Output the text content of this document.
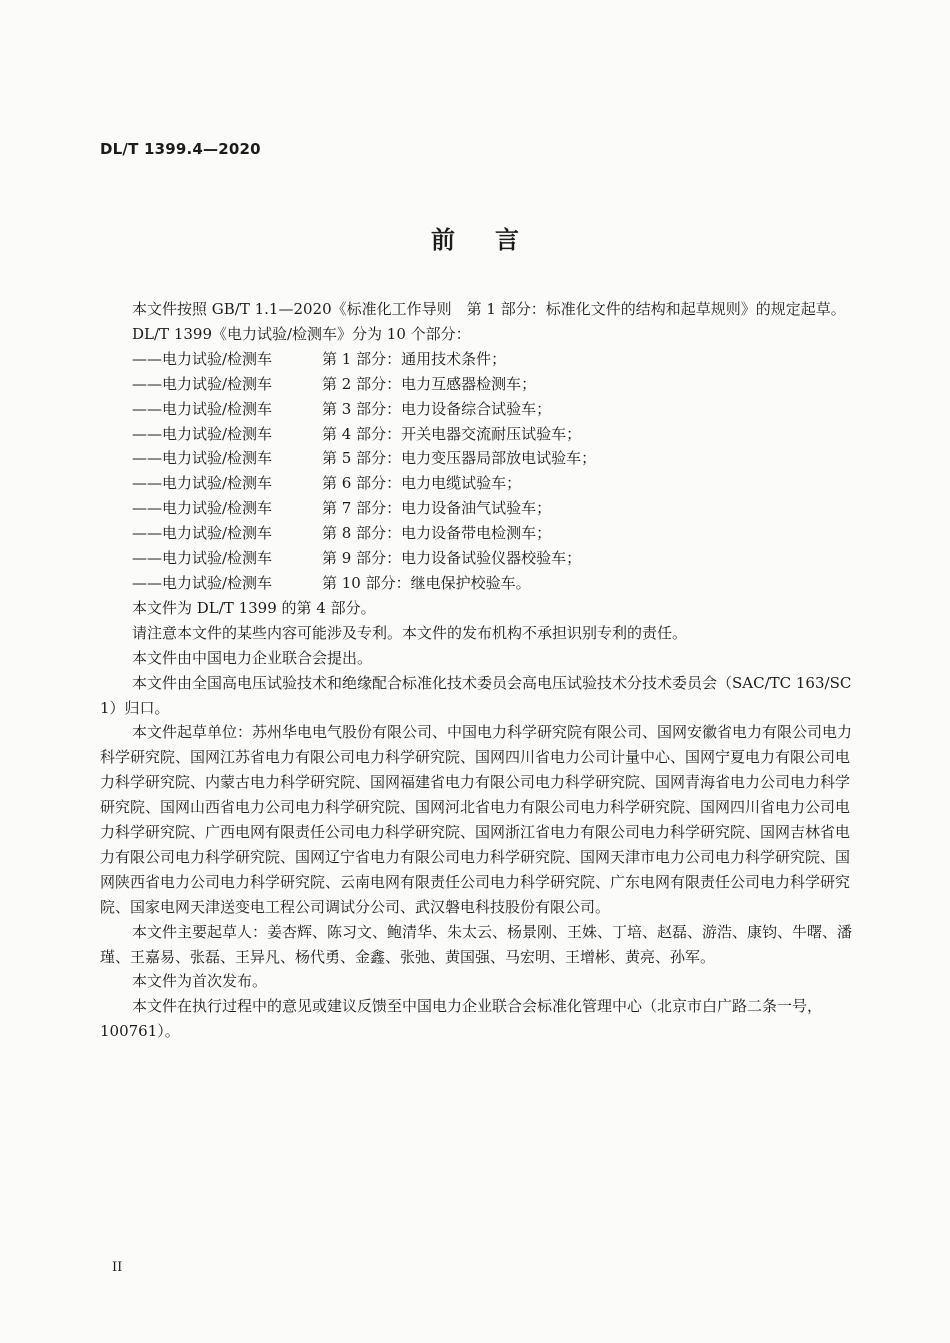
DL/T 1399.4—2020
前言

本文件按照 GB/T 1.1—2020《标准化工作导则　第 1 部分：标准化文件的结构和起草规则》的规定起草。

DL/T 1399《电力试验/检测车》分为 10 个部分：

——电力试验/检测车	第 1 部分：通用技术条件；
——电力试验/检测车	第 2 部分：电力互感器检测车；
——电力试验/检测车	第 3 部分：电力设备综合试验车；
——电力试验/检测车	第 4 部分：开关电器交流耐压试验车；
——电力试验/检测车	第 5 部分：电力变压器局部放电试验车；
——电力试验/检测车	第 6 部分：电力电缆试验车；
——电力试验/检测车	第 7 部分：电力设备油气试验车；
——电力试验/检测车	第 8 部分：电力设备带电检测车；
——电力试验/检测车	第 9 部分：电力设备试验仪器校验车；
——电力试验/检测车	第 10 部分：继电保护校验车。

本文件为 DL/T 1399 的第 4 部分。

请注意本文件的某些内容可能涉及专利。本文件的发布机构不承担识别专利的责任。

本文件由中国电力企业联合会提出。

本文件由全国高电压试验技术和绝缘配合标准化技术委员会高电压试验技术分技术委员会（SAC/TC 163/SC 1）归口。

本文件起草单位：苏州华电电气股份有限公司、中国电力科学研究院有限公司、国网安徽省电力有限公司电力科学研究院、国网江苏省电力有限公司电力科学研究院、国网四川省电力公司计量中心、国网宁夏电力有限公司电力科学研究院、内蒙古电力科学研究院、国网福建省电力有限公司电力科学研究院、国网青海省电力公司电力科学研究院、国网山西省电力公司电力科学研究院、国网河北省电力有限公司电力科学研究院、国网四川省电力公司电力科学研究院、广西电网有限责任公司电力科学研究院、国网浙江省电力有限公司电力科学研究院、国网吉林省电力有限公司电力科学研究院、国网辽宁省电力有限公司电力科学研究院、国网天津市电力公司电力科学研究院、国网陕西省电力公司电力科学研究院、云南电网有限责任公司电力科学研究院、广东电网有限责任公司电力科学研究院、国家电网天津送变电工程公司调试分公司、武汉磐电科技股份有限公司。

本文件主要起草人：姜杏辉、陈习文、鲍清华、朱太云、杨景刚、王姝、丁培、赵磊、游浩、康钧、牛曙、潘瑾、王嘉易、张磊、王异凡、杨代勇、金鑫、张弛、黄国强、马宏明、王增彬、黄亮、孙军。

本文件为首次发布。

本文件在执行过程中的意见或建议反馈至中国电力企业联合会标准化管理中心（北京市白广路二条一号，100761）。

II
